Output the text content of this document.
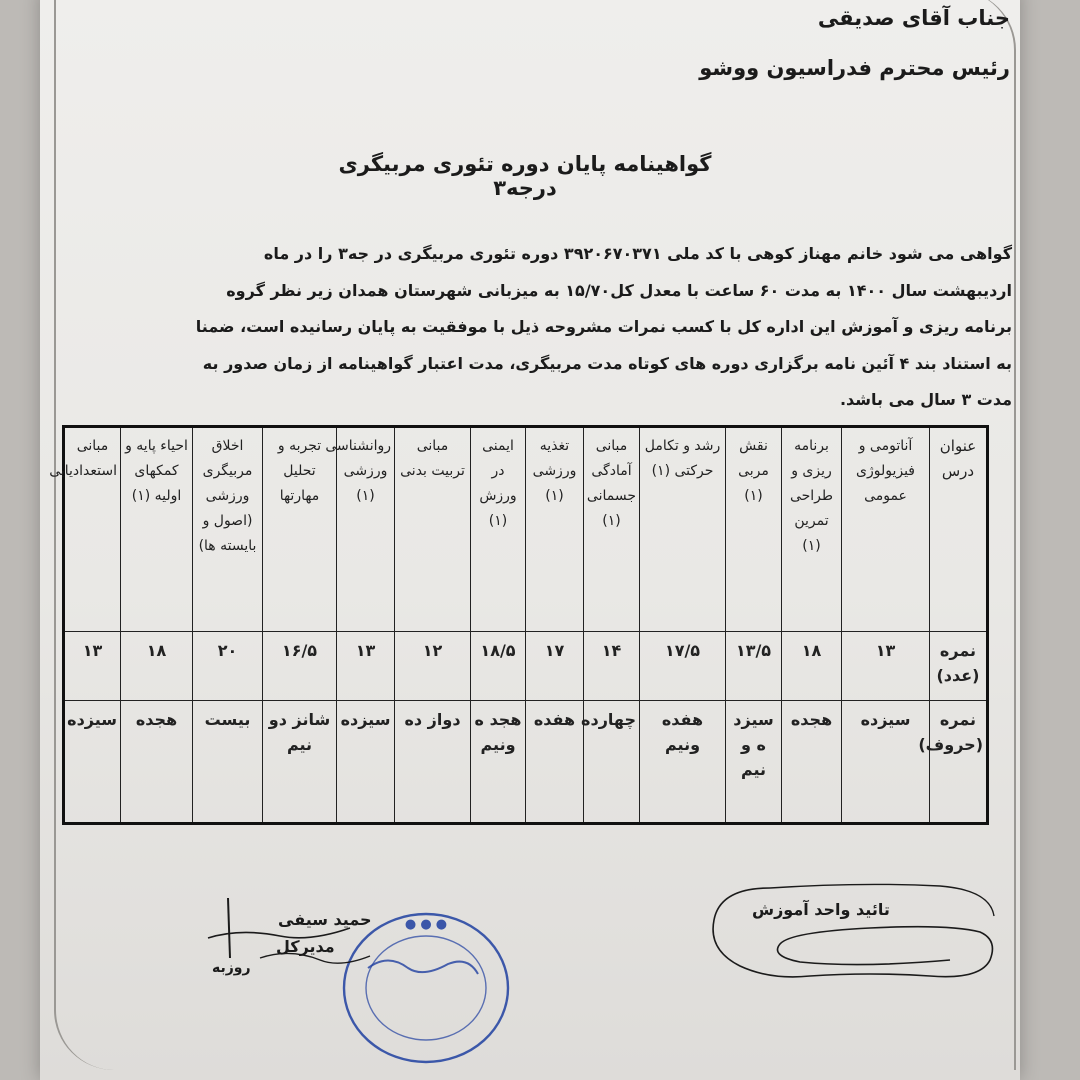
جناب آقای صدیقی
رئیس محترم فدراسیون ووشو
گواهینامه پایان دوره تئوری مربیگری درجه۳
گواهی می شود خانم مهناز کوهی با کد ملی ۳۹۲۰۶۷۰۳۷۱ دوره تئوری مربیگری در جه۳ را در ماه
اردیبهشت سال ۱۴۰۰ به مدت ۶۰ ساعت با معدل کل۱۵/۷۰ به میزبانی شهرستان همدان زیر نظر گروه
برنامه ریزی و آموزش این اداره کل با کسب نمرات مشروحه ذیل با موفقیت به پایان رسانیده است، ضمنا
به استناد بند ۴ آئین نامه برگزاری دوره های کوتاه مدت مربیگری، مدت اعتبار گواهینامه از زمان صدور به
مدت ۳ سال می باشد.
عنوان درس	آناتومی و فیزیولوژی عمومی	برنامه ریزی و طراحی تمرین (۱)	نقش مربی (۱)	رشد و تکامل حرکتی (۱)	مبانی آمادگی جسمانی (۱)	تغذیه ورزشی (۱)	ایمنی در ورزش (۱)	مبانی تربیت بدنی	روانشناسی ورزشی (۱)	تجربه و تحلیل مهارتها	اخلاق مربیگری ورزشی (اصول و بایسته ها)	احیاء پایه و کمکهای اولیه (۱)	مبانی استعدادیابی
نمره (عدد)	۱۳	۱۸	۱۳/۵	۱۷/۵	۱۴	۱۷	۱۸/۵	۱۲	۱۳	۱۶/۵	۲۰	۱۸	۱۳
نمره (حروف)	سیزده	هجده	سیزد ه و نیم	هفده ونیم	چهارده	هفده	هجد ه ونیم	دواز ده	سیزده	شانز دو نیم	بیست	هجده	سیزده
تائید واحد آموزش
● ● ●
حمید سیفی
مدیرکل
روزبه
